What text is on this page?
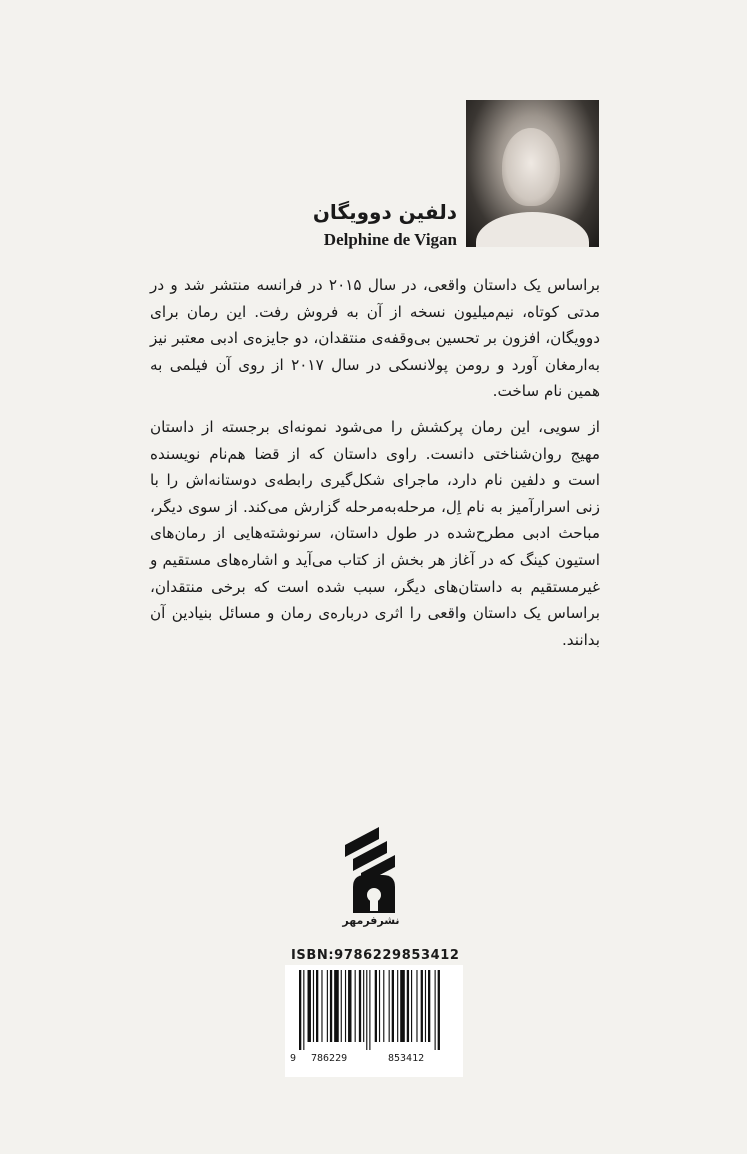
دلفین دوویگان
Delphine de Vigan

براساس یک داستان واقعی، در سال ۲۰۱۵ در فرانسه منتشر شد و در مدتی کوتاه، نیم‌میلیون نسخه از آن به فروش رفت. این رمان برای دوویگان، افزون بر تحسین بی‌وقفه‌ی منتقدان، دو جایزه‌ی ادبی معتبر نیز به‌ارمغان آورد و رومن پولانسکی در سال ۲۰۱۷ از روی آن فیلمی به همین نام ساخت.

از سویی، این رمان پرکشش را می‌شود نمونه‌ای برجسته از داستان مهیج روان‌شناختی دانست. راوی داستان که از قضا هم‌نام نویسنده است و دلفین نام دارد، ماجرای شکل‌گیری رابطه‌ی دوستانه‌اش را با زنی اسرارآمیز به نام اِل، مرحله‌به‌مرحله گزارش می‌کند. از سوی دیگر، مباحث ادبی مطرح‌شده در طول داستان، سرنوشته‌هایی از رمان‌های استیون کینگ که در آغاز هر بخش از کتاب می‌آید و اشاره‌های مستقیم و غیرمستقیم به داستان‌های دیگر، سبب شده است که برخی منتقدان، براساس یک داستان واقعی را اثری درباره‌ی رمان و مسائل بنیادین آن بدانند.

نشرفرمهر
ISBN:9786229853412
9 786229	853412
